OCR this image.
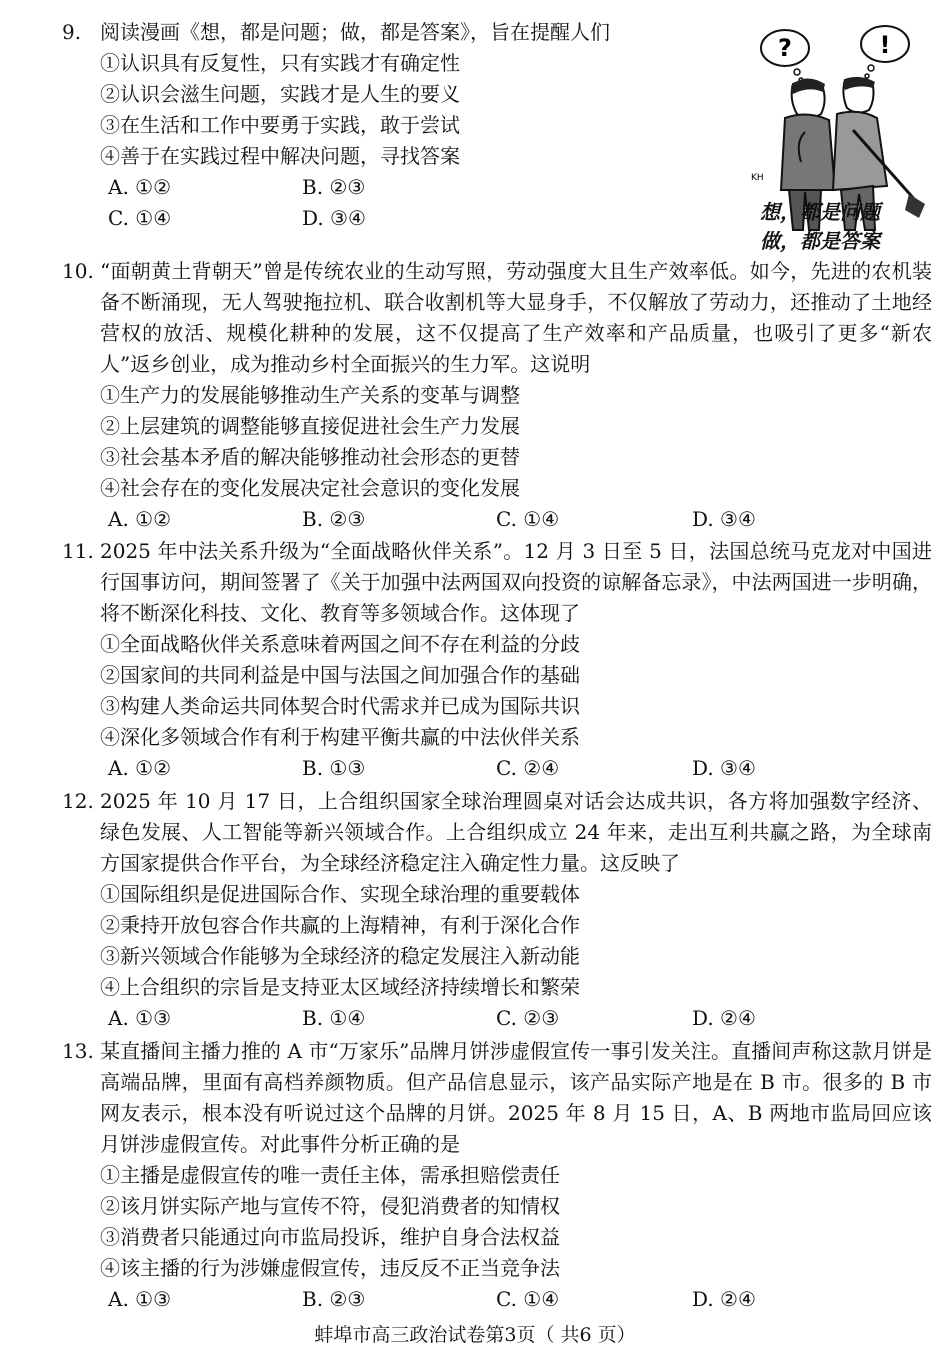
9. 阅读漫画《想，都是问题；做，都是答案》，旨在提醒人们
①认识具有反复性，只有实践才有确定性
②认识会滋生问题，实践才是人生的要义
③在生活和工作中要勇于实践，敢于尝试
④善于在实践过程中解决问题，寻找答案
A. ①②	B. ②③
C. ①④	D. ③④
?	!
KH
想，都是问题
做，都是答案
10. “面朝黄土背朝天”曾是传统农业的生动写照，劳动强度大且生产效率低。如今，先进的农机装备不断涌现，无人驾驶拖拉机、联合收割机等大显身手，不仅解放了劳动力，还推动了土地经营权的放活、规模化耕种的发展，这不仅提高了生产效率和产品质量，也吸引了更多“新农人”返乡创业，成为推动乡村全面振兴的生力军。这说明
①生产力的发展能够推动生产关系的变革与调整
②上层建筑的调整能够直接促进社会生产力发展
③社会基本矛盾的解决能够推动社会形态的更替
④社会存在的变化发展决定社会意识的变化发展
A. ①②	B. ②③	C. ①④	D. ③④
11. 2025 年中法关系升级为“全面战略伙伴关系”。12 月 3 日至 5 日，法国总统马克龙对中国进行国事访问，期间签署了《关于加强中法两国双向投资的谅解备忘录》，中法两国进一步明确，将不断深化科技、文化、教育等多领域合作。这体现了
①全面战略伙伴关系意味着两国之间不存在利益的分歧
②国家间的共同利益是中国与法国之间加强合作的基础
③构建人类命运共同体契合时代需求并已成为国际共识
④深化多领域合作有利于构建平衡共赢的中法伙伴关系
A. ①②	B. ①③	C. ②④	D. ③④
12. 2025 年 10 月 17 日，上合组织国家全球治理圆桌对话会达成共识，各方将加强数字经济、绿色发展、人工智能等新兴领域合作。上合组织成立 24 年来，走出互利共赢之路，为全球南方国家提供合作平台，为全球经济稳定注入确定性力量。这反映了
①国际组织是促进国际合作、实现全球治理的重要载体
②秉持开放包容合作共赢的上海精神，有利于深化合作
③新兴领域合作能够为全球经济的稳定发展注入新动能
④上合组织的宗旨是支持亚太区域经济持续增长和繁荣
A. ①③	B. ①④	C. ②③	D. ②④
13. 某直播间主播力推的 A 市“万家乐”品牌月饼涉虚假宣传一事引发关注。直播间声称这款月饼是高端品牌，里面有高档养颜物质。但产品信息显示，该产品实际产地是在 B 市。很多的 B 市网友表示，根本没有听说过这个品牌的月饼。2025 年 8 月 15 日，A、B 两地市监局回应该月饼涉虚假宣传。对此事件分析正确的是
①主播是虚假宣传的唯一责任主体，需承担赔偿责任
②该月饼实际产地与宣传不符，侵犯消费者的知情权
③消费者只能通过向市监局投诉，维护自身合法权益
④该主播的行为涉嫌虚假宣传，违反反不正当竞争法
A. ①③	B. ②③	C. ①④	D. ②④
蚌埠市高三政治试卷第3页（ 共6 页）
